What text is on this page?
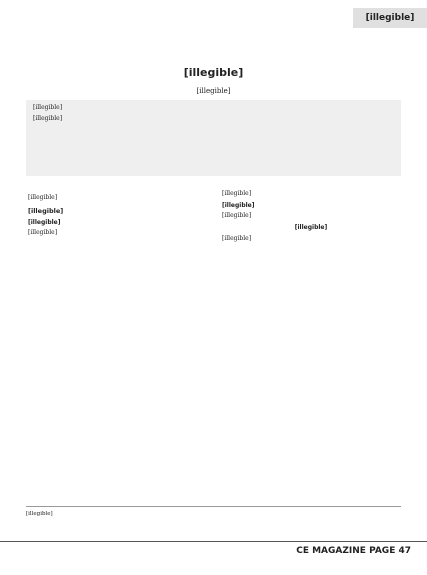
[illegible]
[illegible]
[illegible]
[illegible]
[illegible]

[illegible]

[illegible]
[illegible]

[illegible]

[illegible]

[illegible]

[illegible]

[illegible]

[illegible]

[illegible]
CE MAGAZINE PAGE 47
